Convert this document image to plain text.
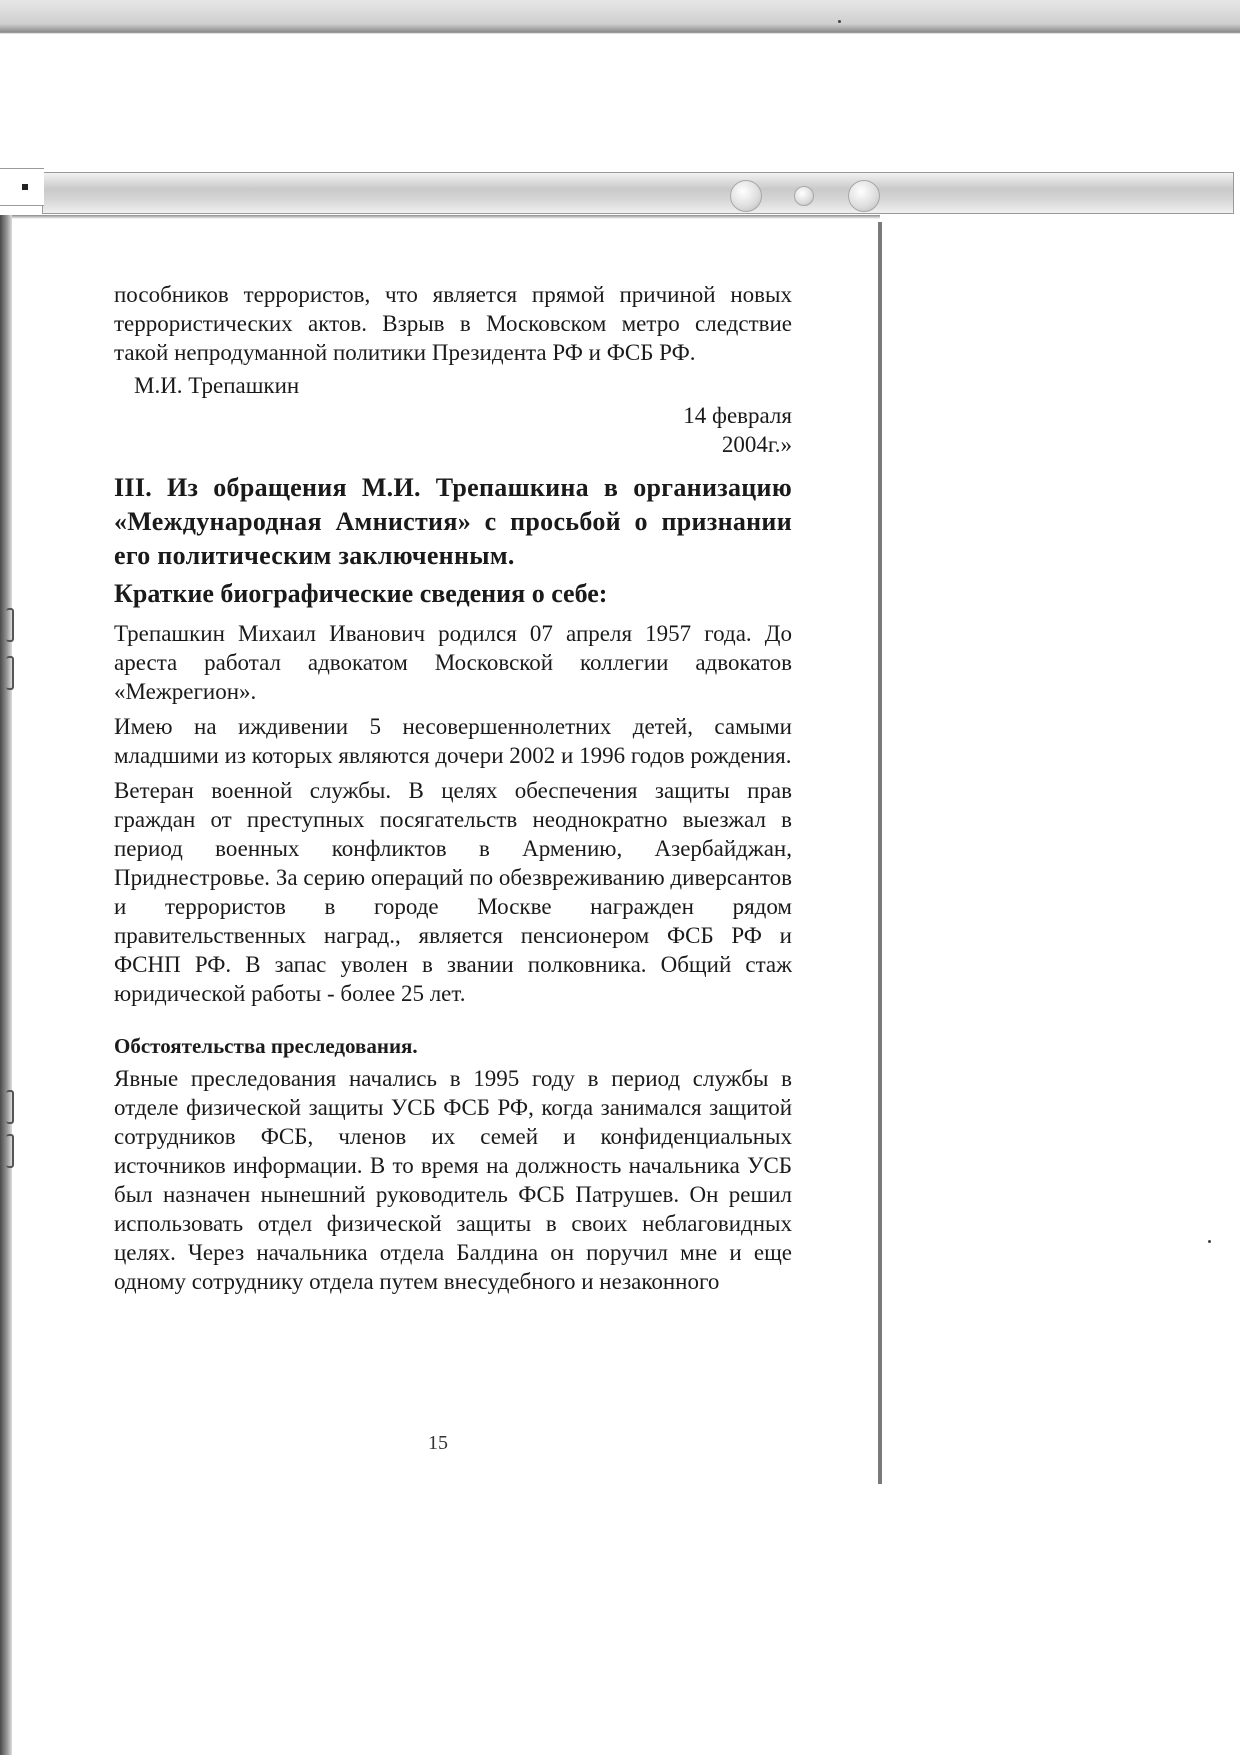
пособников террористов, что является прямой причиной новых террористических актов. Взрыв в Московском метро следствие такой непродуманной политики Президента РФ и ФСБ РФ.

М.И. Трепашкин
14 февраля
2004г.»
III. Из обращения М.И. Трепашкина в организацию «Международная Амнистия» с просьбой о признании его политическим заключенным.
Краткие биографические сведения о себе:

Трепашкин Михаил Иванович родился 07 апреля 1957 года. До ареста работал адвокатом Московской коллегии адвокатов «Межрегион».

Имею на иждивении 5 несовершеннолетних детей, самыми младшими из которых являются дочери 2002 и 1996 годов рождения.

Ветеран военной службы. В целях обеспечения защиты прав граждан от преступных посягательств неоднократно выезжал в период военных конфликтов в Армению, Азербайджан, Приднестровье. За серию операций по обезвреживанию диверсантов и террористов в городе Москве награжден рядом правительственных наград., является пенсионером ФСБ РФ и ФСНП РФ. В запас уволен в звании полковника. Общий стаж юридической работы - более 25 лет.

Обстоятельства преследования.

Явные преследования начались в 1995 году в период службы в отделе физической защиты УСБ ФСБ РФ, когда занимался защитой сотрудников ФСБ, членов их семей и конфиденциальных источников информации. В то время на должность начальника УСБ был назначен нынешний руководитель ФСБ Патрушев. Он решил использовать отдел физической защиты в своих неблаговидных целях. Через начальника отдела Балдина он поручил мне и еще одному сотруднику отдела путем внесудебного и незаконного

15
